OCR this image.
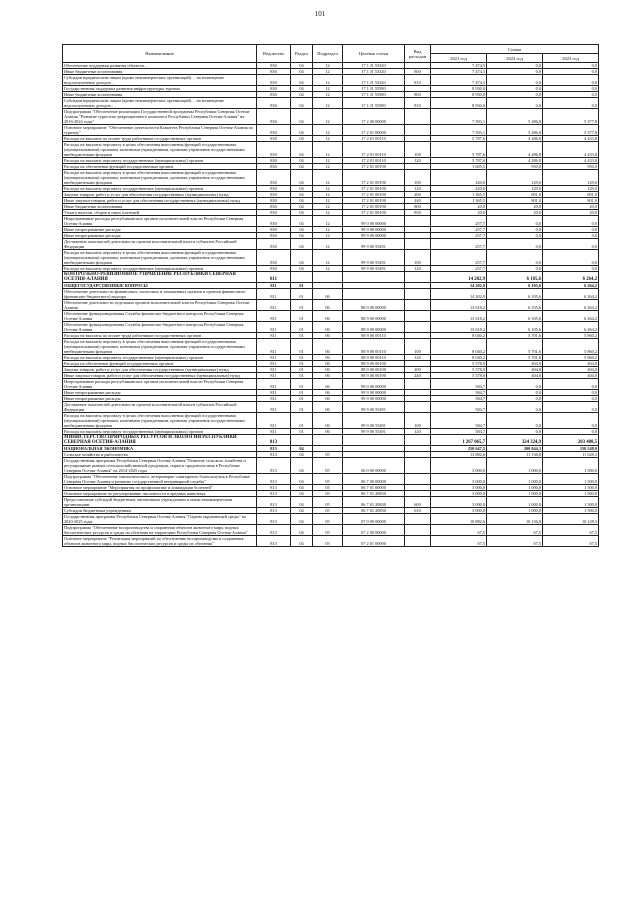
101
Наименование	Ведомство	Раздел	Подраздел	Целевая статья	Вид расходов	Сумма		
						2021 год	2022 год	2023 год
Обеспечение поддержки развития объектов…	830	04	12	17 1 J1 53320		7 474,5	0,0	0,0
Иные бюджетные ассигнования	830	04	12	17 1 J1 53320	800	7 474,5	0,0	0,0
Субсидии юридическим лицам (кроме некоммерческих организаций)… на возмещение недополученных доходов…	830	04	12	17 1 J1 53320	810	7 474,5	0,0	0,0
Государственная поддержка развития инфраструктуры туризма	830	04	12	17 1 J1 55580		8 930,0	0,0	0,0
Иные бюджетные ассигнования	830	04	12	17 1 J1 55580	800	8 930,0	0,0	0,0
Субсидии юридическим лицам (кроме некоммерческих организаций)… на возмещение недополученных доходов…	830	04	12	17 1 J1 55580	810	8 930,0	0,0	0,0
Подпрограмма "Обеспечение реализации Государственной программы Республики Северная Осетия-Алания "Развитие туристско-рекреационного комплекса Республики Северная Осетия-Алания" на 2016-2024 годы"	830	04	12	17 2 00 00000		7 393,1	5 286,8	5 377,8
Основное мероприятие "Обеспечение деятельности Комитета Республики Северная Осетия-Алания по туризму"	830	04	12	17 2 01 00000		7 393,1	5 286,8	5 377,8
Расходы на выплаты по оплате труда работников государственных органов	830	04	12	17 2 01 00110		5 787,6	4 286,8	4 433,8
Расходы на выплаты персоналу в целях обеспечения выполнения функций государственными (муниципальными) органами, казенными учреждениями, органами управления государственными внебюджетными фондами	830	04	12	17 2 01 00110	100	5 787,6	4 286,8	4 433,8
Расходы на выплаты персоналу государственных (муниципальных) органов	830	04	12	17 2 01 00110	120	5 787,6	4 286,8	4 433,8
Расходы на обеспечение функций государственных органов	830	04	12	17 2 01 00190		1 605,5	950,0	950,0
Расходы на выплаты персоналу в целях обеспечения выполнения функций государственными (муниципальными) органами, казенными учреждениями, органами управления государственными внебюджетными фондами	830	04	12	17 2 01 00190	100	220,0	129,0	129,0
Расходы на выплаты персоналу государственных (муниципальных) органов	830	04	12	17 2 01 00190	120	220,0	129,0	129,0
Закупка товаров, работ и услуг для обеспечения государственных (муниципальных) нужд	830	04	12	17 2 01 00190	200	1 365,5	801,0	801,0
Иные закупки товаров, работ и услуг для обеспечения государственных (муниципальных) нужд	830	04	12	17 2 01 00190	240	1 365,5	801,0	801,0
Иные бюджетные ассигнования	830	04	12	17 2 01 00190	800	20,0	20,0	20,0
Уплата налогов, сборов и иных платежей	830	04	12	17 2 01 00190	850	20,0	20,0	20,0
Непрограммные расходы республиканских органов исполнительной власти Республики Северная Осетия-Алания	830	04	12	99 0 00 00000		257,7	0,0	0,0
Иные непрограммные расходы	830	04	12	99 9 00 00000		257,7	0,0	0,0
Иные непрограммные расходы	830	04	12	99 9 00 00000		257,7	0,0	0,0
Достижение показателей деятельности органов исполнительной власти субъектов Российской Федерации	830	04	12	99 9 00 55491		257,7	0,0	0,0
Расходы на выплаты персоналу в целях обеспечения выполнения функций государственными (муниципальными) органами, казенными учреждениями, органами управления государственными внебюджетными фондами	830	04	12	99 9 00 55491	100	257,7	0,0	0,0
Расходы на выплаты персоналу государственных (муниципальных) органов	830	04	12	99 9 00 55491	120	257,7	0,0	0,0
КОНТРОЛЬНО-РЕВИЗИОННОЕ УПРАВЛЕНИЕ РЕСПУБЛИКИ СЕВЕРНАЯ ОСЕТИЯ-АЛАНИЯ	811					14 202,9	6 105,6	6 264,2
ОБЩЕГОСУДАРСТВЕННЫЕ ВОПРОСЫ	811	01				14 202,9	6 105,6	6 264,2
Обеспечение деятельности финансовых, налоговых и таможенных органов и органов финансового (финансово-бюджетного) надзора	811	01	06			14 202,9	6 105,6	6 264,2
Обеспечение деятельности отдельных органов исполнительной власти Республики Северная Осетия-Алания	811	01	06	88 0 00 00000		13 618,2	6 105,6	6 264,2
Обеспечение функционирования Службы финансово-бюджетного контроля Республики Северная Осетия-Алания	811	01	06	88 9 00 00000		13 618,2	6 105,6	6 264,2
Обеспечение функционирования Службы финансово-бюджетного контроля Республики Северная Осетия-Алания	811	01	06	88 9 00 00000		13 618,2	6 105,6	6 264,2
Расходы на выплаты по оплате труда работников государственных органов	811	01	06	88 9 00 00110		8 040,2	5 701,6	5 860,2
Расходы на выплаты персоналу в целях обеспечения выполнения функций государственными (муниципальными) органами, казенными учреждениями, органами управления государственными внебюджетными фондами	811	01	06	88 9 00 00110	100	8 040,2	5 701,6	5 860,2
Расходы на выплаты персоналу государственных (муниципальных) органов	811	01	06	88 9 00 00110	120	8 040,2	5 701,6	5 860,2
Расходы на обеспечение функций государственных органов	811	01	06	88 9 00 00190		5 578,0	404,0	404,0
Закупка товаров, работ и услуг для обеспечения государственных (муниципальных) нужд	811	01	06	88 9 00 00190	200	5 578,0	404,0	404,0
Иные закупки товаров, работ и услуг для обеспечения государственных (муниципальных) нужд	811	01	06	88 9 00 00190	240	5 578,0	404,0	404,0
Непрограммные расходы республиканских органов исполнительной власти Республики Северная Осетия-Алания	811	01	06	99 0 00 00000		584,7	0,0	0,0
Иные непрограммные расходы	811	01	06	99 9 00 00000		584,7	0,0	0,0
Иные непрограммные расходы	811	01	06	99 9 00 00000		584,7	0,0	0,0
Достижение показателей деятельности органов исполнительной власти субъектов Российской Федерации	811	01	06	99 9 00 55491		584,7	0,0	0,0
Расходы на выплаты персоналу в целях обеспечения выполнения функций государственными (муниципальными) органами, казенными учреждениями, органами управления государственными внебюджетными фондами	811	01	06	99 9 00 55491	100	584,7	0,0	0,0
Расходы на выплаты персоналу государственных (муниципальных) органов	811	01	06	99 9 00 55491	120	584,7	0,0	0,0
МИНИСТЕРСТВО ПРИРОДНЫХ РЕСУРСОВ И ЭКОЛОГИИ РЕСПУБЛИКИ СЕВЕРНАЯ ОСЕТИЯ-АЛАНИЯ	813					1 267 065,7	324 324,9	203 488,5
НАЦИОНАЛЬНАЯ ЭКОНОМИКА	813	04				250 647,5	200 044,3	150 548,0
Сельское хозяйство и рыболовство	813	04	05			13 882,6	11 136,8	11 628,3
Государственная программа Республики Северная Осетия-Алания "Развитие сельского хозяйства и регулирование рынков сельскохозяйственной продукции, сырья и продовольствия в Республике Северная Осетия-Алания" на 2014-2025 годы	813	04	05	06 0 00 00000		3 000,0	1 000,0	1 500,0
Подпрограмма "Обеспечение эпизоотического, ветеринарно-санитарного благополучия в Республике Северная Осетия-Алания и развитие государственной ветеринарной службы"	813	04	05	06 7 00 00000		3 000,0	1 000,0	1 500,0
Основное мероприятие "Мероприятия по профилактике и ликвидации болезней"	813	04	05	06 7 01 00000		3 000,0	1 000,0	1 500,0
Основное мероприятие по регулированию численности и вредных животных	813	04	05	06 7 01 20830		3 000,0	1 000,0	1 500,0
Предоставление субсидий бюджетным, автономным учреждениям и иным некоммерческим организациям	813	04	05	06 7 01 20830	600	3 000,0	1 000,0	1 500,0
Субсидии бюджетным учреждениям	813	04	05	06 7 01 20830	610	3 000,0	1 000,0	1 500,0
Государственная программа Республики Северная Осетия-Алания "Охрана окружающей среды" на 2020-2025 годы	813	04	05	07 0 00 00000		10 882,6	10 136,8	10 128,3
Подпрограмма "Обеспечение воспроизводства и сохранения объектов животного мира, водных биологических ресурсов и среды их обитания на территории Республики Северная Осетия-Алания"	813	04	05	07 2 00 00000		67,5	67,5	67,5
Основное мероприятие "Реализация мероприятий по обеспечению воспроизводства и сохранения объектов животного мира, водных биологических ресурсов и среды их обитания"	813	04	05	07 2 01 00000		67,5	67,5	67,5
